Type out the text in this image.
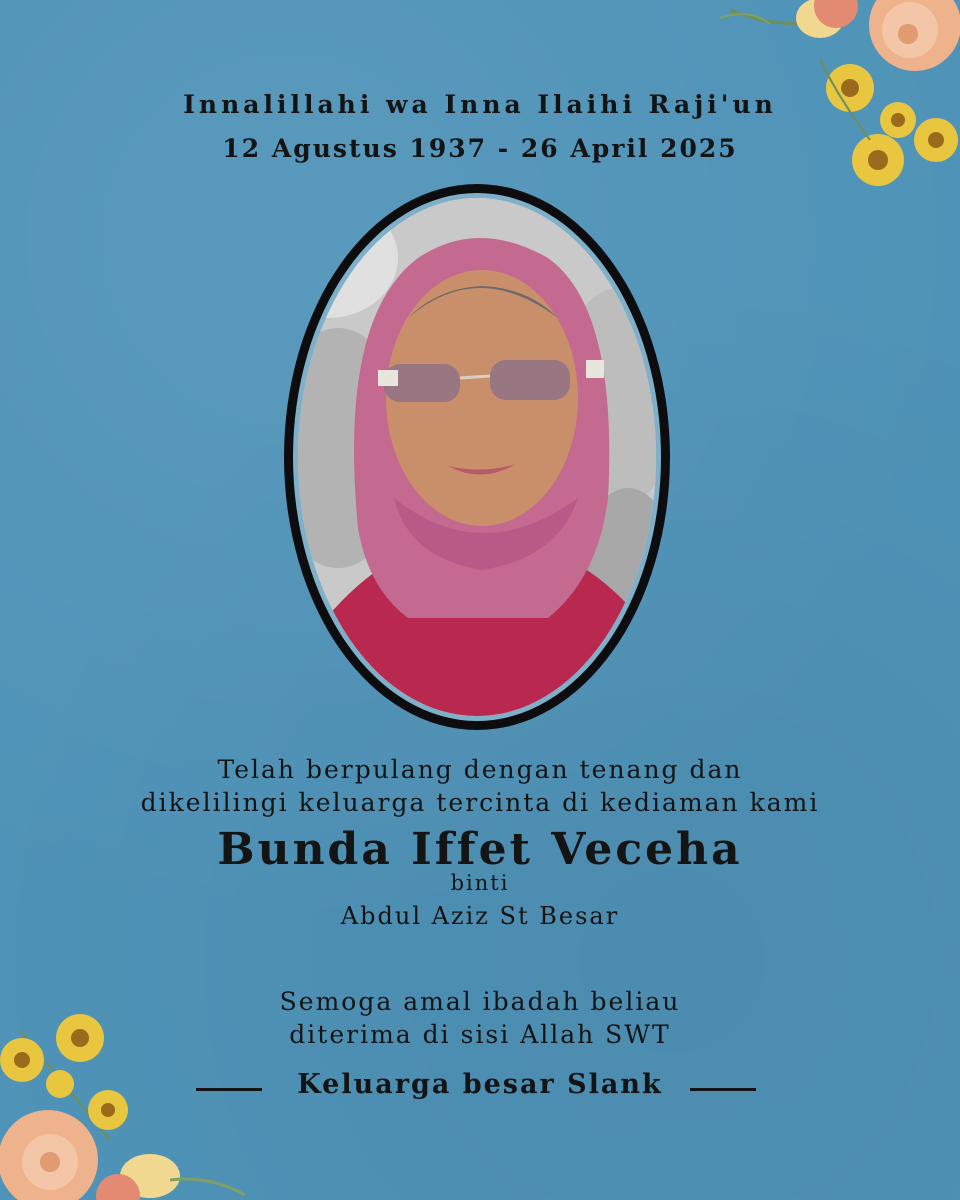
Innalillahi wa Inna Ilaihi Raji'un
12 Agustus 1937 - 26 April 2025
Telah berpulang dengan tenang dan
dikelilingi keluarga tercinta di kediaman kami
Bunda Iffet Veceha
binti
Abdul Aziz St Besar
Semoga amal ibadah beliau
diterima di sisi Allah SWT
Keluarga besar Slank
